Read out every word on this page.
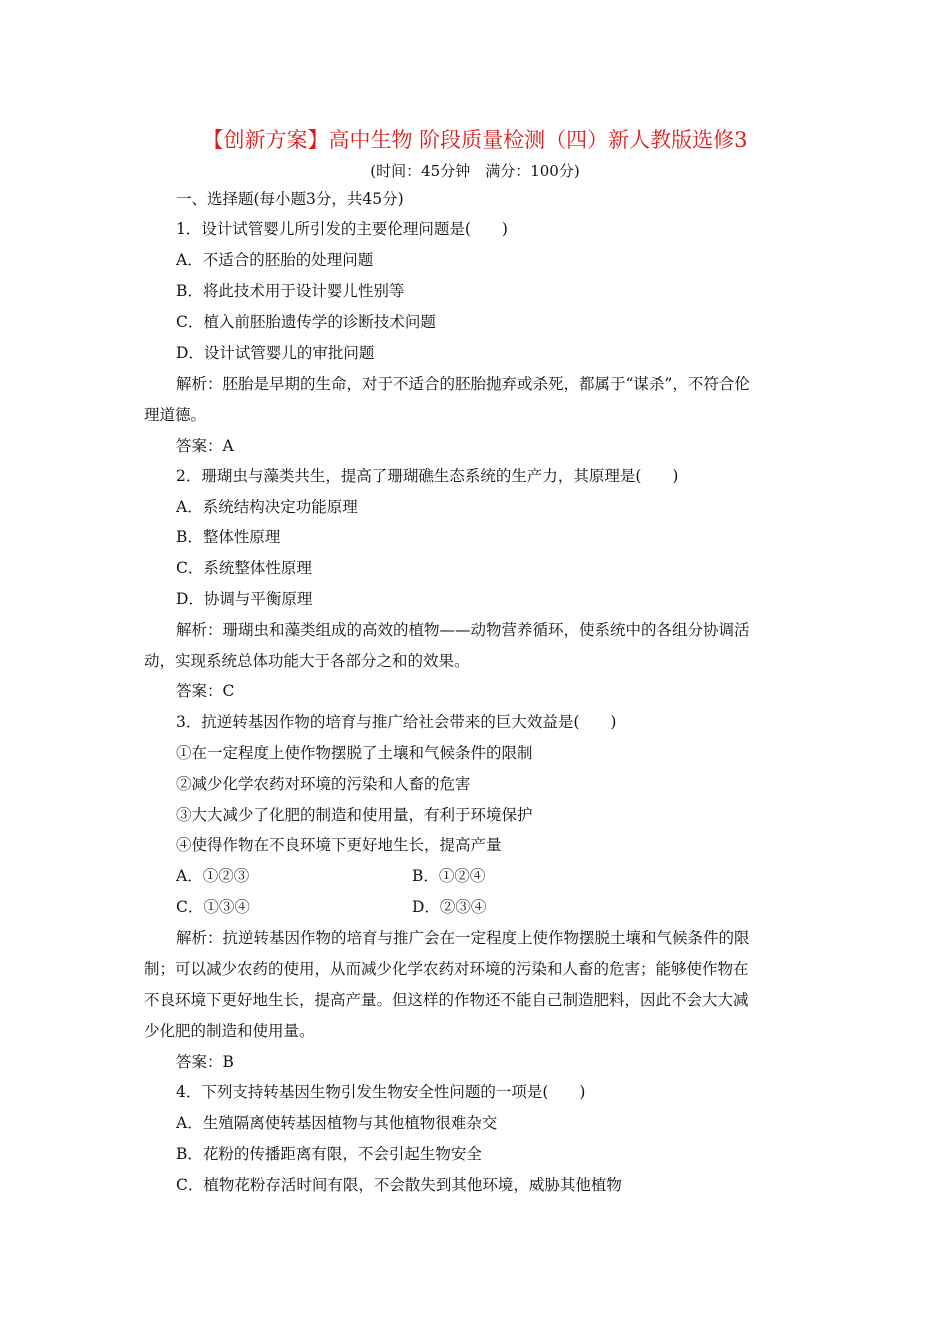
【创新方案】高中生物 阶段质量检测（四）新人教版选修3
(时间：45分钟　满分：100分)
一、选择题(每小题3分，共45分)
1．设计试管婴儿所引发的主要伦理问题是(　　)
A．不适合的胚胎的处理问题
B．将此技术用于设计婴儿性别等
C．植入前胚胎遗传学的诊断技术问题
D．设计试管婴儿的审批问题
解析：胚胎是早期的生命，对于不适合的胚胎抛弃或杀死，都属于“谋杀”，不符合伦
理道德。
答案：A
2．珊瑚虫与藻类共生，提高了珊瑚礁生态系统的生产力，其原理是(　　)
A．系统结构决定功能原理
B．整体性原理
C．系统整体性原理
D．协调与平衡原理
解析：珊瑚虫和藻类组成的高效的植物——动物营养循环，使系统中的各组分协调活
动，实现系统总体功能大于各部分之和的效果。
答案：C
3．抗逆转基因作物的培育与推广给社会带来的巨大效益是(　　)
①在一定程度上使作物摆脱了土壤和气候条件的限制
②减少化学农药对环境的污染和人畜的危害
③大大减少了化肥的制造和使用量，有利于环境保护
④使得作物在不良环境下更好地生长，提高产量
A．①②③	B．①②④
C．①③④	D．②③④
解析：抗逆转基因作物的培育与推广会在一定程度上使作物摆脱土壤和气候条件的限
制；可以减少农药的使用，从而减少化学农药对环境的污染和人畜的危害；能够使作物在
不良环境下更好地生长，提高产量。但这样的作物还不能自己制造肥料，因此不会大大减
少化肥的制造和使用量。
答案：B
4．下列支持转基因生物引发生物安全性问题的一项是(　　)
A．生殖隔离使转基因植物与其他植物很难杂交
B．花粉的传播距离有限，不会引起生物安全
C．植物花粉存活时间有限，不会散失到其他环境，威胁其他植物
